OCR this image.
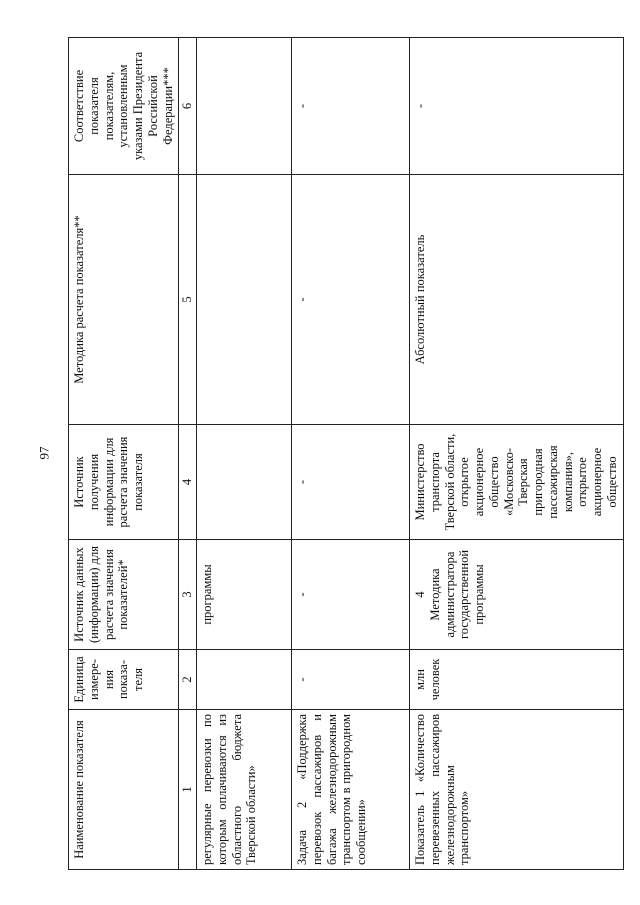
97
Наименование показателя	Единица измере-ния показа-теля	Источник данных (информации) для расчета значения показателей*	Источник получения информации для расчета значения показателя	Методика расчета показателя**	Соответствие показателя показателям, установленным указами Президента Российской Федерации***
1	2	3	4	5	6
регулярные перевозки по которым оплачиваются из областного бюджета Тверской области»		программы			
Задача 2 «Поддержка перевозок пассажиров и багажа железнодорожным транспортом в пригородном сообщении»	-	-	-	-	-
Показатель 1 «Количество перевезенных пассажиров железнодорожным транспортом»	млн человек	4 Методика администратора государственной программы	Министерство транспорта Тверской области, открытое акционерное общество «Московско-Тверская пригородная пассажирская компания», открытое акционерное общество	Абсолютный показатель	-
